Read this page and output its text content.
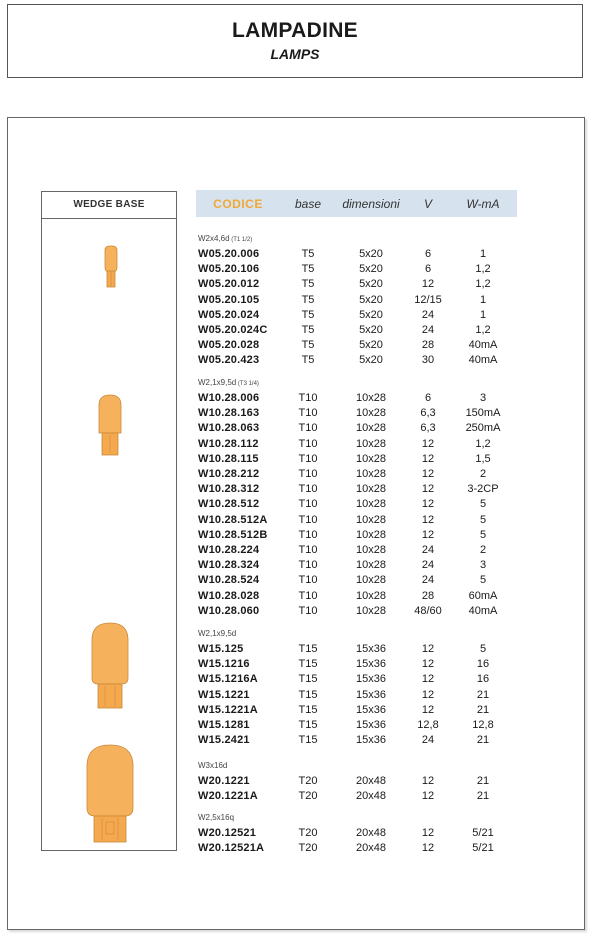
LAMPADINE
LAMPS
WEDGE BASE	CODICE	base	dimensioni	V	W-mA
W2x4,6d (T1 1/2)
W05.20.006	T5	5x20	6	1
W05.20.106	T5	5x20	6	1,2
W05.20.012	T5	5x20	12	1,2
W05.20.105	T5	5x20	12/15	1
W05.20.024	T5	5x20	24	1
W05.20.024C	T5	5x20	24	1,2
W05.20.028	T5	5x20	28	40mA
W05.20.423	T5	5x20	30	40mA
W2,1x9,5d (T3 1/4)
W10.28.006	T10	10x28	6	3
W10.28.163	T10	10x28	6,3	150mA
W10.28.063	T10	10x28	6,3	250mA
W10.28.112	T10	10x28	12	1,2
W10.28.115	T10	10x28	12	1,5
W10.28.212	T10	10x28	12	2
W10.28.312	T10	10x28	12	3-2CP
W10.28.512	T10	10x28	12	5
W10.28.512A	T10	10x28	12	5
W10.28.512B	T10	10x28	12	5
W10.28.224	T10	10x28	24	2
W10.28.324	T10	10x28	24	3
W10.28.524	T10	10x28	24	5
W10.28.028	T10	10x28	28	60mA
W10.28.060	T10	10x28	48/60	40mA
W2,1x9,5d
W15.125	T15	15x36	12	5
W15.1216	T15	15x36	12	16
W15.1216A	T15	15x36	12	16
W15.1221	T15	15x36	12	21
W15.1221A	T15	15x36	12	21
W15.1281	T15	15x36	12,8	12,8
W15.2421	T15	15x36	24	21
W3x16d
W20.1221	T20	20x48	12	21
W20.1221A	T20	20x48	12	21
W2,5x16q
W20.12521	T20	20x48	12	5/21
W20.12521A	T20	20x48	12	5/21
